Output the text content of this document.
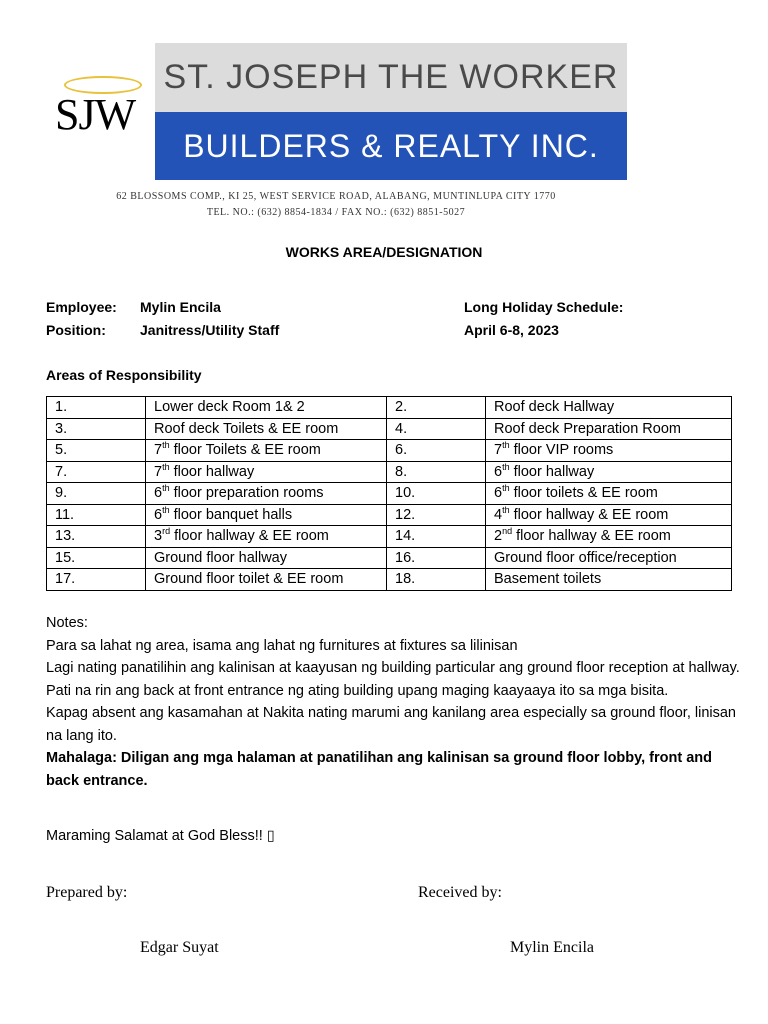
SJW
ST. JOSEPH THE WORKER
BUILDERS & REALTY INC.
62 BLOSSOMS COMP., KI 25, WEST SERVICE ROAD, ALABANG, MUNTINLUPA CITY 1770
TEL. NO.: (632) 8854-1834 / FAX NO.: (632) 8851-5027
WORKS AREA/DESIGNATION
Employee: Mylin Encila
Position: Janitress/Utility Staff
Long Holiday Schedule:
April 6-8, 2023
Areas of Responsibility
1.	Lower deck Room 1& 2	2.	Roof deck Hallway
3.	Roof deck Toilets & EE room	4.	Roof deck Preparation Room
5.	7th floor Toilets & EE room	6.	7th floor VIP rooms
7.	7th floor hallway	8.	6th floor hallway
9.	6th floor preparation rooms	10.	6th floor toilets & EE room
11.	6th floor banquet halls	12.	4th floor hallway & EE room
13.	3rd floor hallway & EE room	14.	2nd floor hallway & EE room
15.	Ground floor hallway	16.	Ground floor office/reception
17.	Ground floor toilet & EE room	18.	Basement toilets

Notes:

Para sa lahat ng area, isama ang lahat ng furnitures at fixtures sa lilinisan

Lagi nating panatilihin ang kalinisan at kaayusan ng building particular ang ground floor reception at hallway. Pati na rin ang back at front entrance ng ating building upang maging kaayaaya ito sa mga bisita.

Kapag absent ang kasamahan at Nakita nating marumi ang kanilang area especially sa ground floor, linisan na lang ito.

Mahalaga: Diligan ang mga halaman at panatilihan ang kalinisan sa ground floor lobby, front and back entrance.

Maraming Salamat at God Bless!! ▯
Prepared by:
Edgar Suyat
Received by:
Mylin Encila
